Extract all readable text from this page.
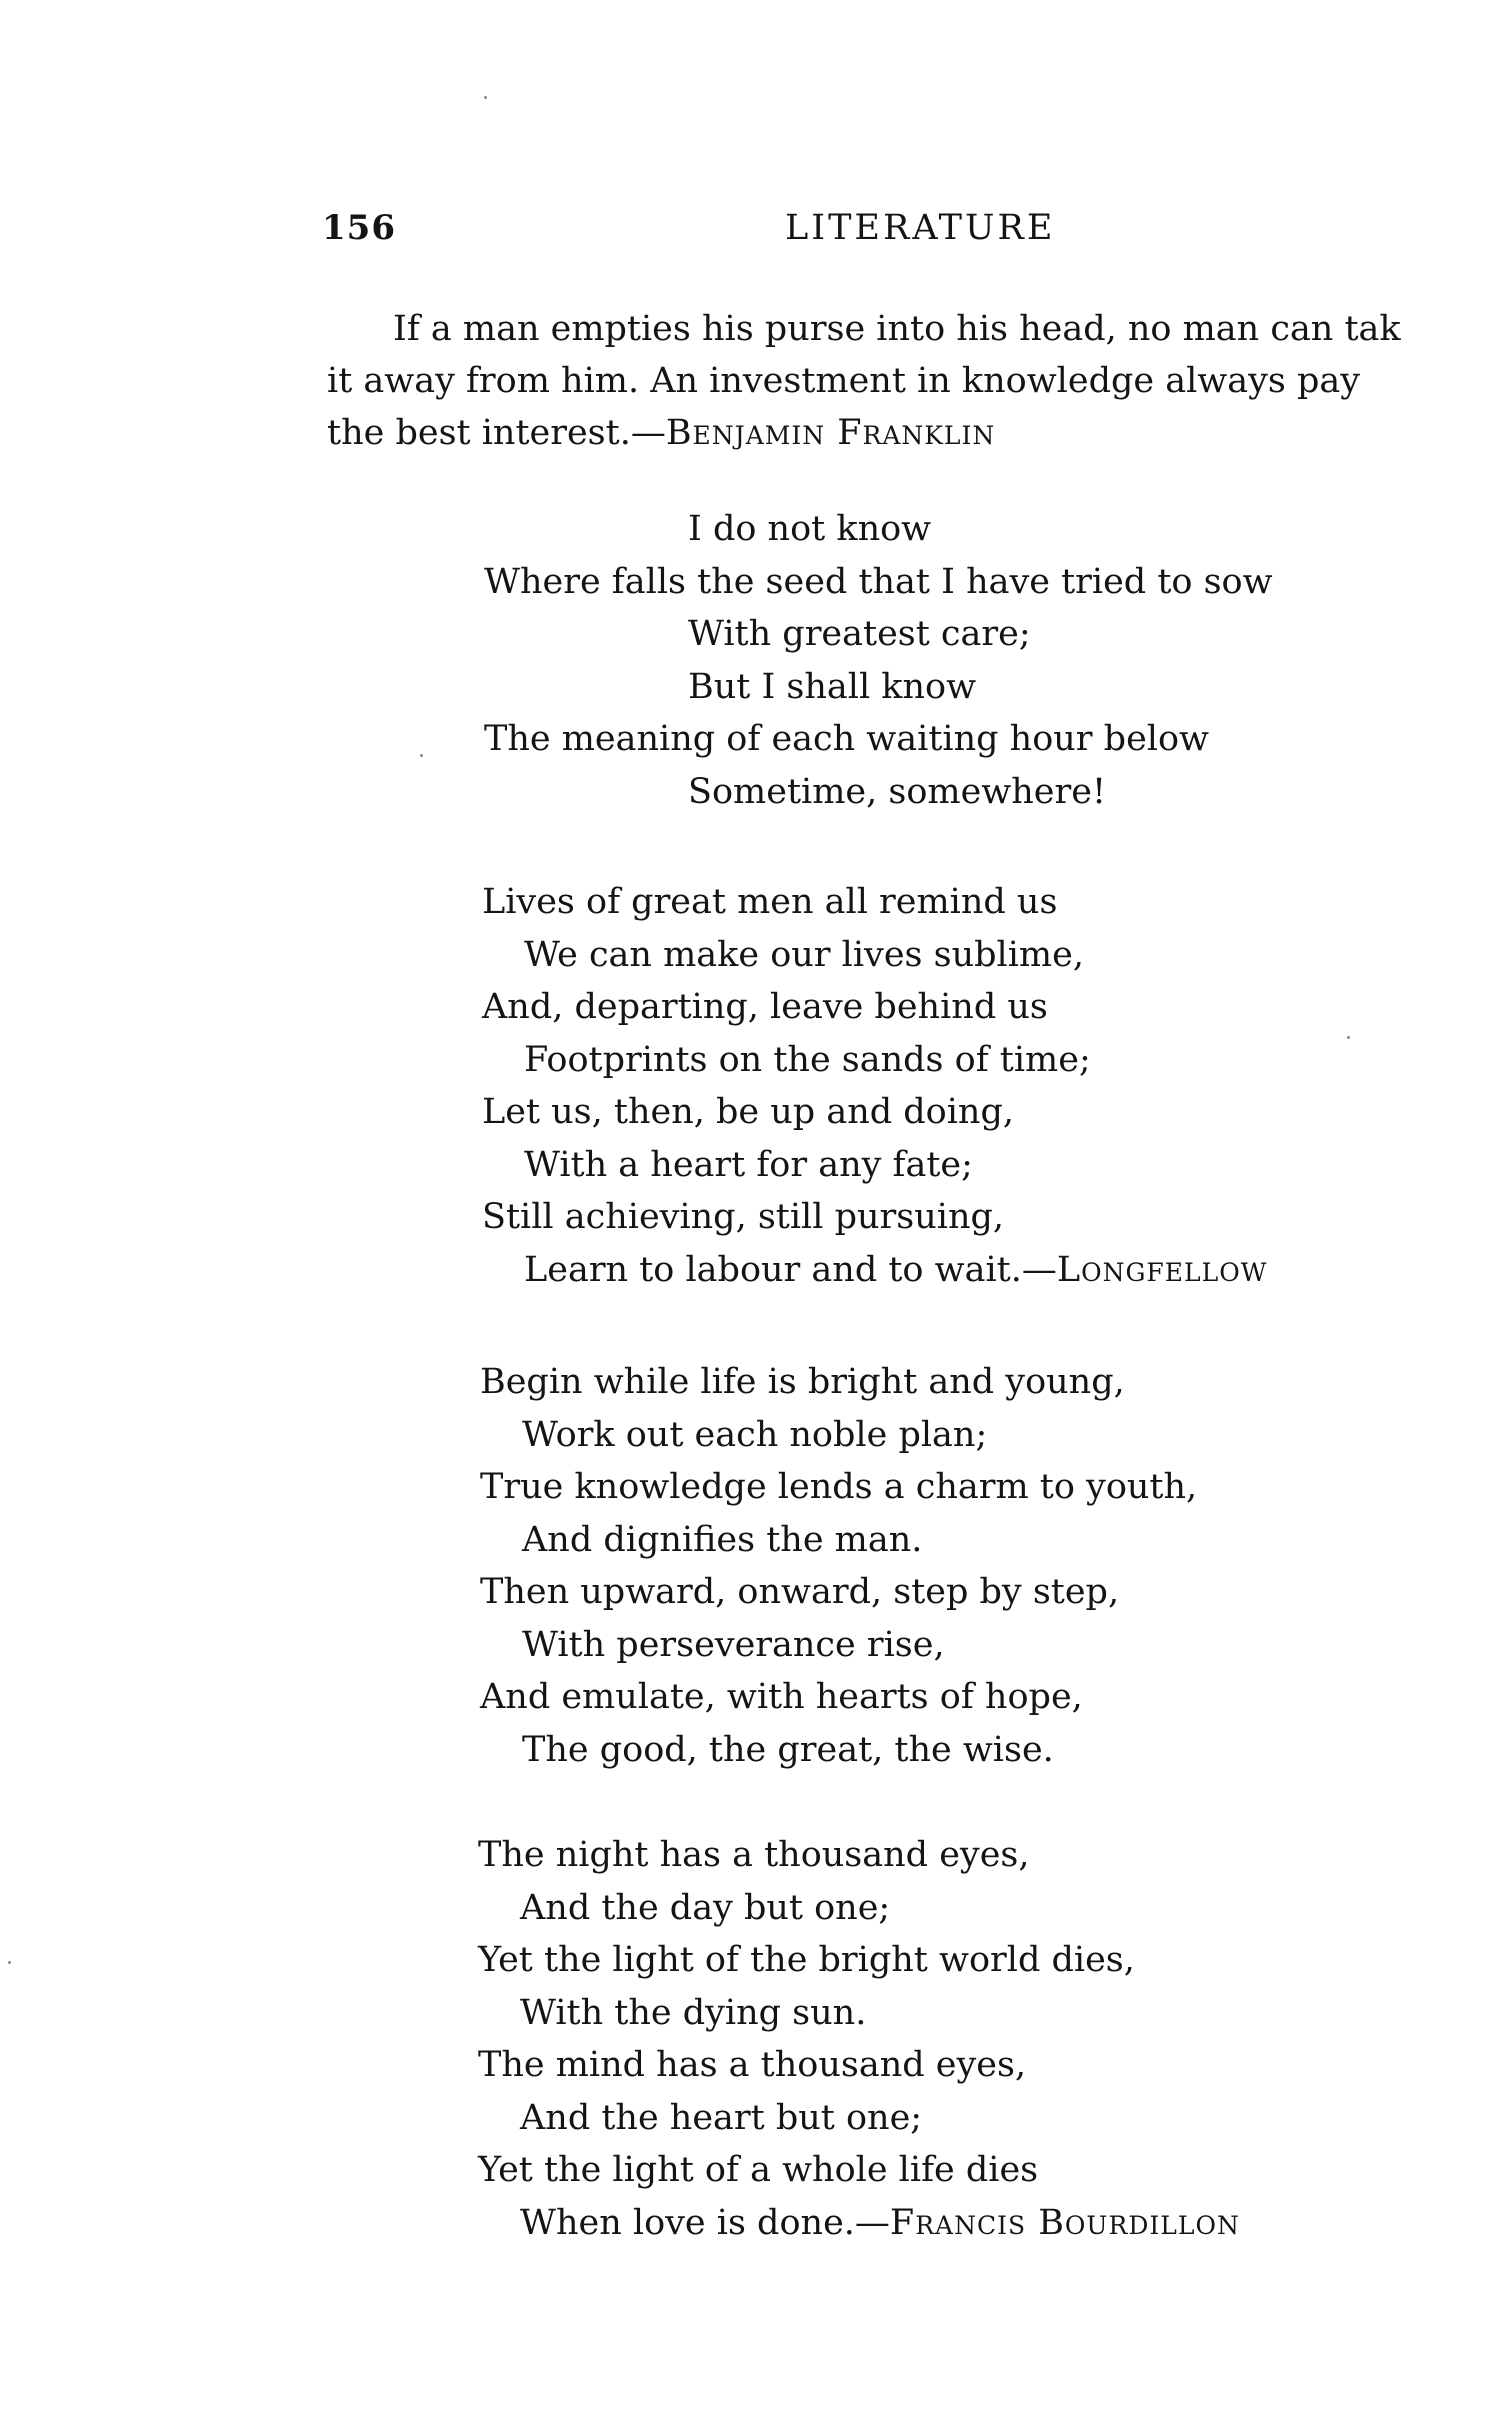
156	LITERATURE
If a man empties his purse into his head, no man can tak
it away from him. An investment in knowledge always pay
the best interest.—Benjamin Franklin
I do not know
Where falls the seed that I have tried to sow
With greatest care;
But I shall know
The meaning of each waiting hour below
Sometime, somewhere!
Lives of great men all remind us
We can make our lives sublime,
And, departing, leave behind us
Footprints on the sands of time;
Let us, then, be up and doing,
With a heart for any fate;
Still achieving, still pursuing,
Learn to labour and to wait.—Longfellow
Begin while life is bright and young,
Work out each noble plan;
True knowledge lends a charm to youth,
And dignifies the man.
Then upward, onward, step by step,
With perseverance rise,
And emulate, with hearts of hope,
The good, the great, the wise.
The night has a thousand eyes,
And the day but one;
Yet the light of the bright world dies,
With the dying sun.
The mind has a thousand eyes,
And the heart but one;
Yet the light of a whole life dies
When love is done.—Francis Bourdillon
